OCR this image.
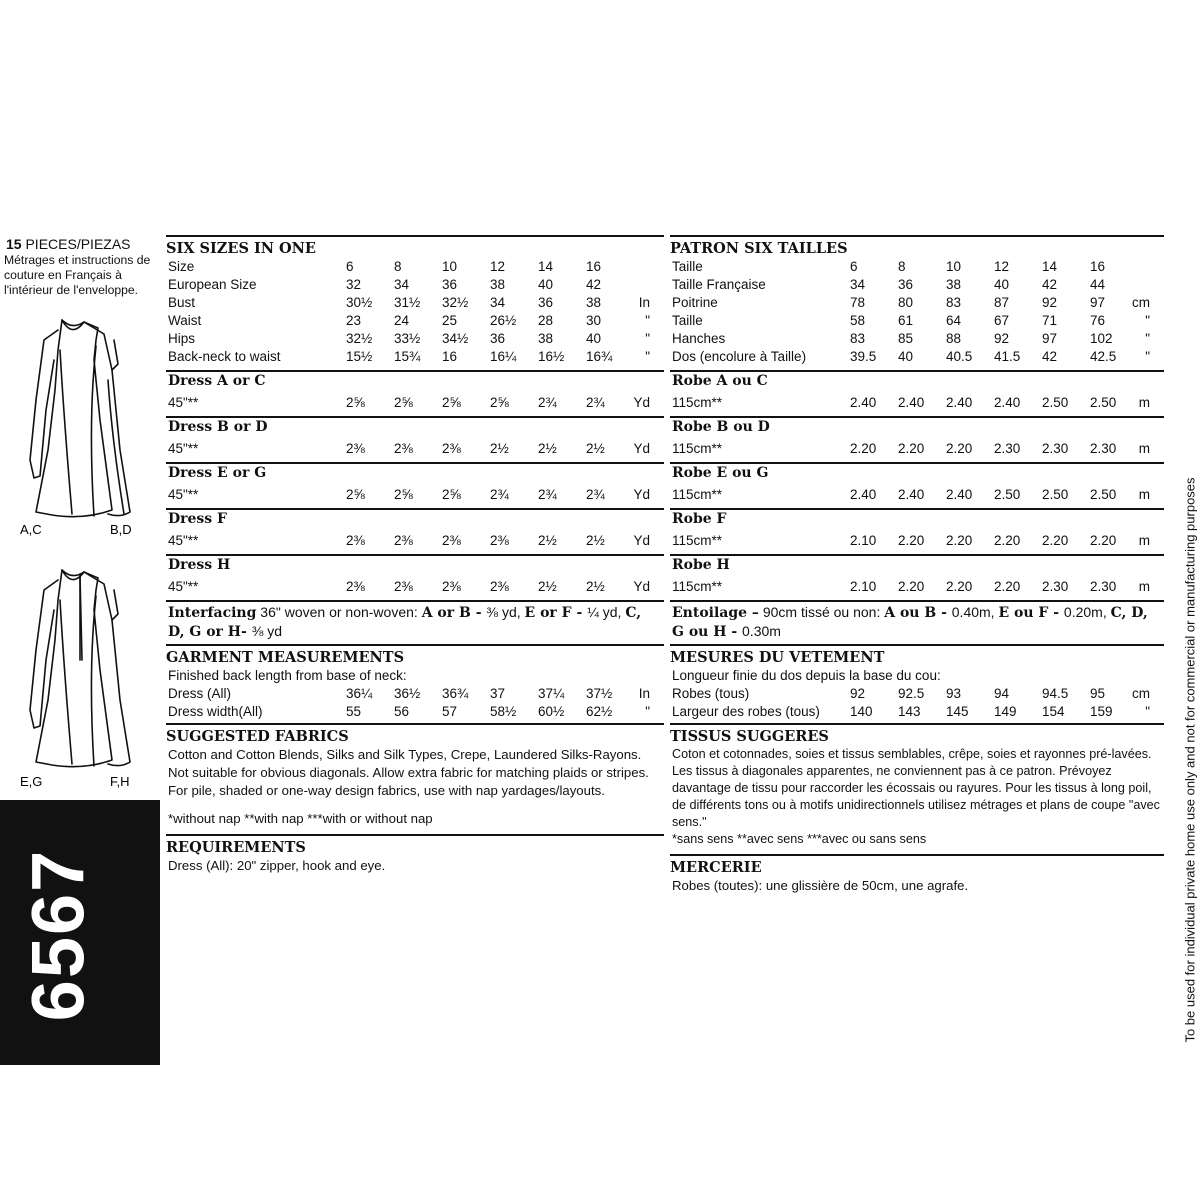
15 PIECES/PIEZAS
Métrages et instructions de couture en Français à l'intérieur de l'enveloppe.
A,C	B,D
E,G	F,H
6567	To be used for individual private home use only and not for commercial or manufacturing purposes
SIX SIZES IN ONE
Size	6	8	10 12 14 16
European Size	32 34 36 38 40 42
Bust	30½ 31½ 32½ 34 36 38	In
Waist	23 24 25 26½ 28 30	"
Hips	32½ 33½ 34½ 36 38 40	"
Back-neck to waist	15½ 15¾ 16 16¼ 16½ 16¾ "
Dress A or C
45"**	2⅝ 2⅝ 2⅝ 2⅝ 2¾ 2¾ Yd
Dress B or D
45"**	2⅜ 2⅜ 2⅜ 2½ 2½ 2½ Yd
Dress E or G
45"**	2⅝ 2⅝ 2⅝ 2¾ 2¾ 2¾ Yd
Dress F
45"**	2⅜ 2⅜ 2⅜ 2⅜ 2½ 2½ Yd
Dress H
45"**	2⅜ 2⅜ 2⅜ 2⅜ 2½ 2½ Yd
Interfacing 36" woven or non-woven: A or B - ⅜ yd, E or F - ¼ yd, C, D, G or H- ⅜ yd
GARMENT MEASUREMENTS
Finished back length from base of neck:
Dress (All)	36¼ 36½ 36¾ 37 37¼ 37½ In
Dress width(All)	55 56 57 58½ 60½ 62½ "
SUGGESTED FABRICS
Cotton and Cotton Blends, Silks and Silk Types, Crepe, Laundered Silks-Rayons. Not suitable for obvious diagonals. Allow extra fabric for matching plaids or stripes. For pile, shaded or one-way design fabrics, use with nap yardages/layouts.
*without nap **with nap ***with or without nap
REQUIREMENTS
Dress (All): 20" zipper, hook and eye.
PATRON SIX TAILLES
Taille	6	8	10 12 14 16
Taille Française	34 36 38 40 42 44
Poitrine	78 80 83 87 92 97 cm
Taille	58 61 64 67 71 76	"
Hanches	83 85 88 92 97 102 "
Dos (encolure à Taille)	39.5 40 40.5 41.5 42 42.5 "
Robe A ou C
115cm**	2.40 2.40 2.40 2.40 2.50 2.50 m
Robe B ou D
115cm**	2.20 2.20 2.20 2.30 2.30 2.30 m
Robe E ou G
115cm**	2.40 2.40 2.40 2.50 2.50 2.50 m
Robe F
115cm**	2.10 2.20 2.20 2.20 2.20 2.20 m
Robe H
115cm**	2.10 2.20 2.20 2.20 2.30 2.30 m
Entoilage – 90cm tissé ou non: A ou B - 0.40m, E ou F - 0.20m, C, D, G ou H - 0.30m
MESURES DU VETEMENT
Longueur finie du dos depuis la base du cou:
Robes (tous)	92 92.5 93 94 94.5 95 cm
Largeur des robes (tous) 140 143 145 149 154 159 "
TISSUS SUGGERES
Coton et cotonnades, soies et tissus semblables, crêpe, soies et rayonnes pré-lavées. Les tissus à diagonales apparentes, ne conviennent pas à ce patron. Prévoyez davantage de tissu pour raccorder les écossais ou rayures. Pour les tissus à long poil, de différents tons ou à motifs unidirectionnels utilisez métrages et plans de coupe "avec sens."
*sans sens **avec sens ***avec ou sans sens
MERCERIE
Robes (toutes): une glissière de 50cm, une agrafe.
